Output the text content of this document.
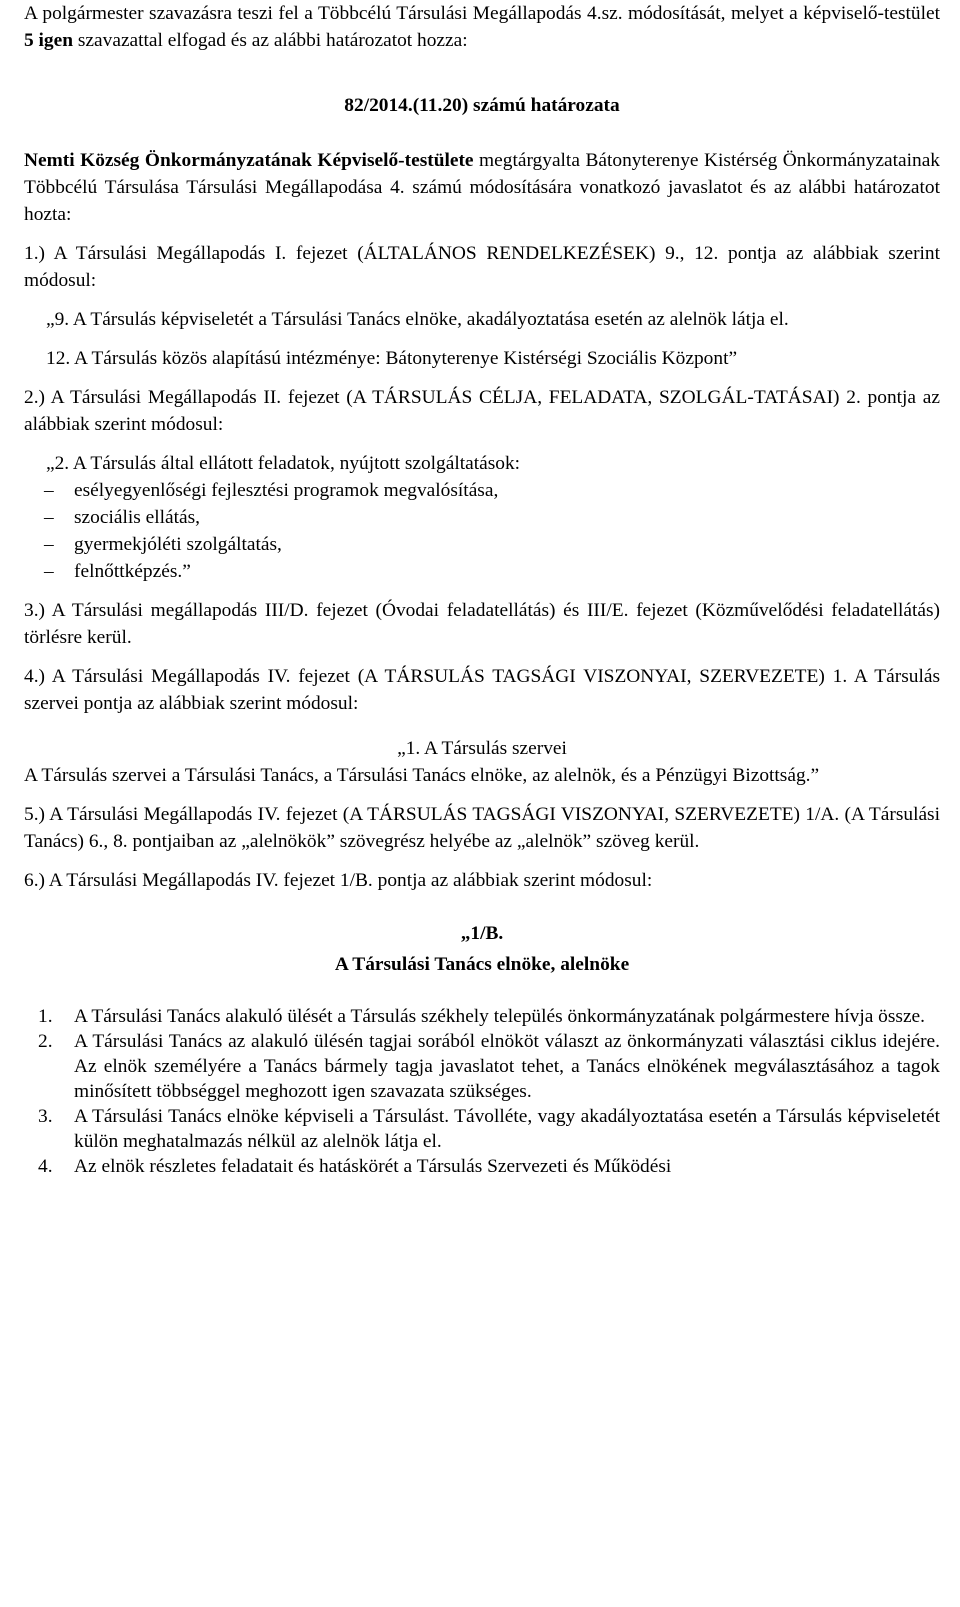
A polgármester szavazásra teszi fel a Többcélú Társulási Megállapodás 4.sz. módosítását, melyet a képviselő-testület 5 igen szavazattal elfogad és az alábbi határozatot hozza:

82/2014.(11.20) számú határozata

Nemti Község Önkormányzatának Képviselő-testülete megtárgyalta Bátonyterenye Kistérség Önkormányzatainak Többcélú Társulása Társulási Megállapodása 4. számú módosítására vonatkozó javaslatot és az alábbi határozatot hozta:

1.) A Társulási Megállapodás I. fejezet (ÁLTALÁNOS RENDELKEZÉSEK) 9., 12. pontja az alábbiak szerint módosul:

„9. A Társulás képviseletét a Társulási Tanács elnöke, akadályoztatása esetén az alelnök látja el.

12. A Társulás közös alapítású intézménye: Bátonyterenye Kistérségi Szociális Központ”

2.) A Társulási Megállapodás II. fejezet (A TÁRSULÁS CÉLJA, FELADATA, SZOLGÁL-TATÁSAI) 2. pontja az alábbiak szerint módosul:

„2. A Társulás által ellátott feladatok, nyújtott szolgáltatások:

– esélyegyenlőségi fejlesztési programok megvalósítása,
– szociális ellátás,
– gyermekjóléti szolgáltatás,
– felnőttképzés.”

3.) A Társulási megállapodás III/D. fejezet (Óvodai feladatellátás) és III/E. fejezet (Közművelődési feladatellátás) törlésre kerül.

4.) A Társulási Megállapodás IV. fejezet (A TÁRSULÁS TAGSÁGI VISZONYAI, SZERVEZETE) 1. A Társulás szervei pontja az alábbiak szerint módosul:

„1. A Társulás szervei

A Társulás szervei a Társulási Tanács, a Társulási Tanács elnöke, az alelnök, és a Pénzügyi Bizottság.”

5.) A Társulási Megállapodás IV. fejezet (A TÁRSULÁS TAGSÁGI VISZONYAI, SZERVEZETE) 1/A. (A Társulási Tanács) 6., 8. pontjaiban az „alelnökök” szövegrész helyébe az „alelnök” szöveg kerül.

6.) A Társulási Megállapodás IV. fejezet 1/B. pontja az alábbiak szerint módosul:

„1/B.

A Társulási Tanács elnöke, alelnöke

1. A Társulási Tanács alakuló ülését a Társulás székhely település önkormányzatának polgármestere hívja össze.
2. A Társulási Tanács az alakuló ülésén tagjai sorából elnököt választ az önkormányzati választási ciklus idejére. Az elnök személyére a Tanács bármely tagja javaslatot tehet, a Tanács elnökének megválasztásához a tagok minősített többséggel meghozott igen szavazata szükséges.
3. A Társulási Tanács elnöke képviseli a Társulást. Távolléte, vagy akadályoztatása esetén a Társulás képviseletét külön meghatalmazás nélkül az alelnök látja el.
4. Az elnök részletes feladatait és hatáskörét a Társulás Szervezeti és Működési
